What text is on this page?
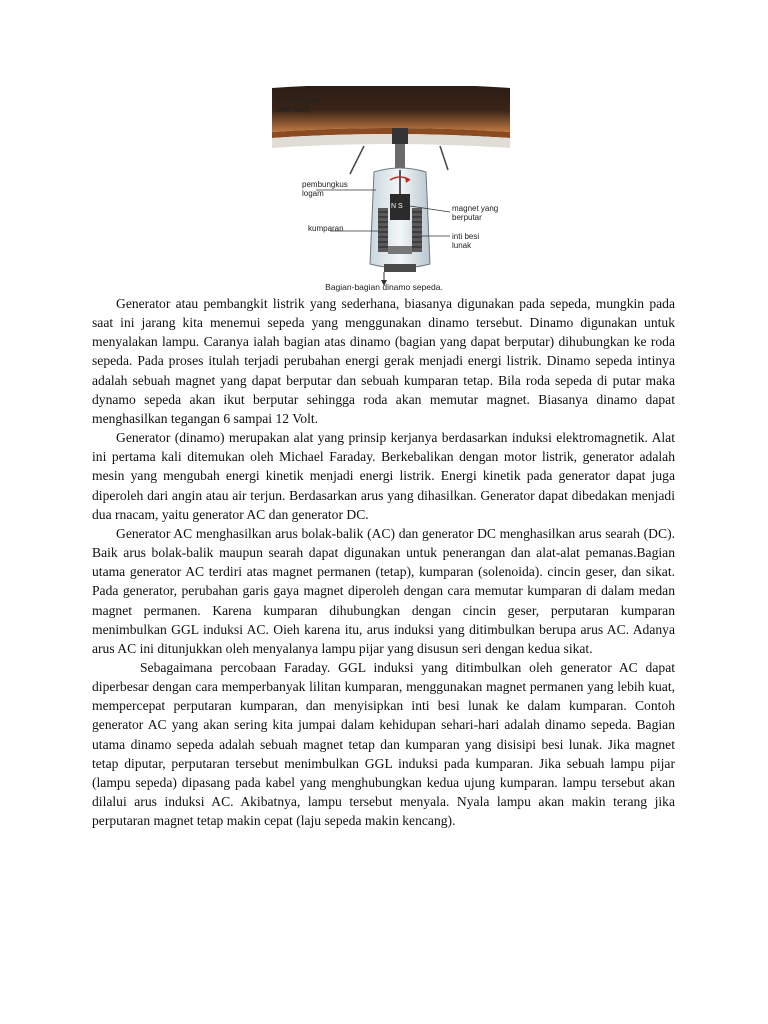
roda (diputar
oleh ban)
pembungkus
logam
magnet yang
berputar
kumparan
inti besi
lunak
N S
Bagian-bagian dinamo sepeda.

Generator atau pembangkit listrik yang sederhana, biasanya digunakan pada sepeda, mungkin pada saat ini jarang kita menemui sepeda yang menggunakan dinamo tersebut. Dinamo digunakan untuk menyalakan lampu. Caranya ialah bagian atas dinamo (bagian yang dapat berputar) dihubungkan ke roda sepeda. Pada proses itulah terjadi perubahan energi gerak menjadi energi listrik. Dinamo sepeda intinya adalah sebuah magnet yang dapat berputar dan sebuah kumparan tetap. Bila roda sepeda di putar maka dynamo sepeda akan ikut berputar sehingga roda akan memutar magnet. Biasanya dinamo dapat menghasilkan tegangan 6 sampai 12 Volt.

Generator (dinamo) merupakan alat yang prinsip kerjanya berdasarkan induksi elektromagnetik. Alat ini pertama kali ditemukan oleh Michael Faraday. Berkebalikan dengan motor listrik, generator adalah mesin yang mengubah energi kinetik menjadi energi listrik. Energi kinetik pada generator dapat juga diperoleh dari angin atau air terjun. Berdasarkan arus yang dihasilkan. Generator dapat dibedakan menjadi dua rnacam, yaitu generator AC dan generator DC.

Generator AC menghasilkan arus bolak-balik (AC) dan generator DC menghasilkan arus searah (DC). Baik arus bolak-balik maupun searah dapat digunakan untuk penerangan dan alat-alat pemanas.Bagian utama generator AC terdiri atas magnet permanen (tetap), kumparan (solenoida). cincin geser, dan sikat. Pada generator, perubahan garis gaya magnet diperoleh dengan cara memutar kumparan di dalam medan magnet permanen. Karena kumparan dihubungkan dengan cincin geser, perputaran kumparan menimbulkan GGL induksi AC. Oieh karena itu, arus induksi yang ditimbulkan berupa arus AC. Adanya arus AC ini ditunjukkan oleh menyalanya lampu pijar yang disusun seri dengan kedua sikat.

Sebagaimana percobaan Faraday. GGL induksi yang ditimbulkan oleh generator AC dapat diperbesar dengan cara memperbanyak lilitan kumparan, menggunakan magnet permanen yang lebih kuat, mempercepat perputaran kumparan, dan menyisipkan inti besi lunak ke dalam kumparan. Contoh generator AC yang akan sering kita jumpai dalam kehidupan sehari-hari adalah dinamo sepeda. Bagian utama dinamo sepeda adalah sebuah magnet tetap dan kumparan yang disisipi besi lunak. Jika magnet tetap diputar, perputaran tersebut menimbulkan GGL induksi pada kumparan. Jika sebuah lampu pijar (lampu sepeda) dipasang pada kabel yang menghubungkan kedua ujung kumparan. lampu tersebut akan dilalui arus induksi AC. Akibatnya, lampu tersebut menyala. Nyala lampu akan makin terang jika perputaran magnet tetap makin cepat (laju sepeda makin kencang).
